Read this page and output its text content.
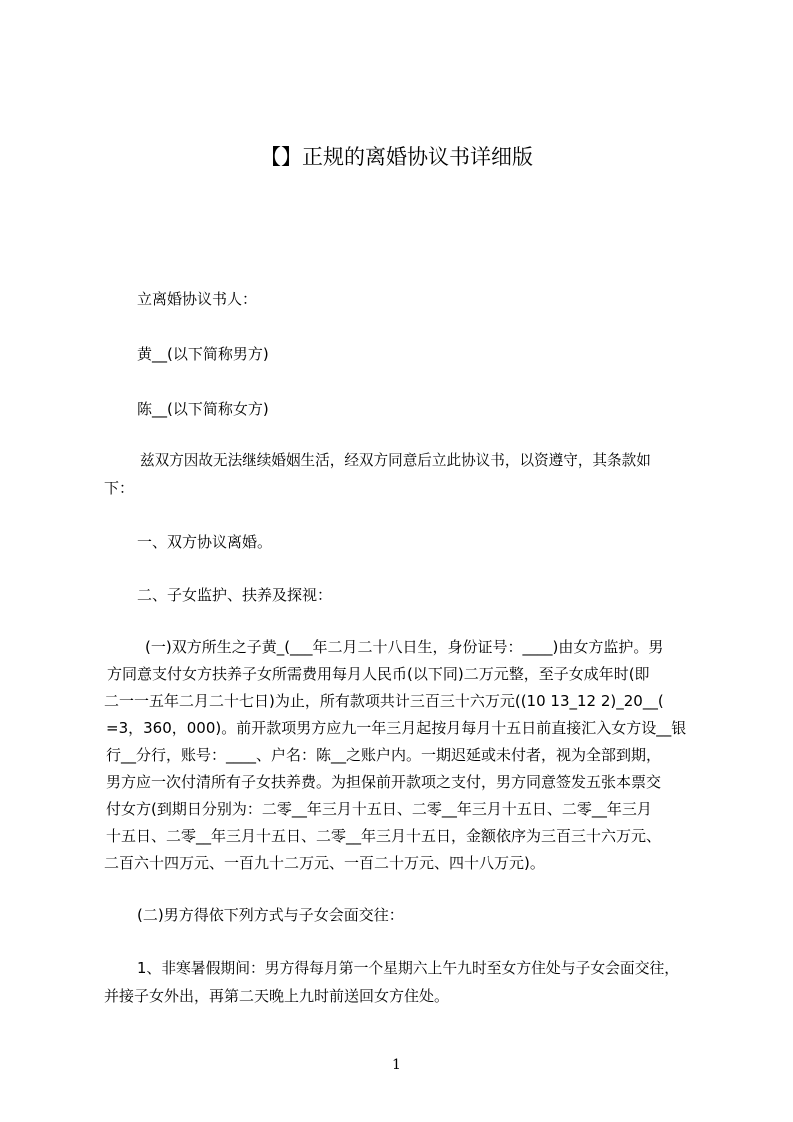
【】正规的离婚协议书详细版
立离婚协议书人：
黄__(以下简称男方)
陈__(以下简称女方)
兹双方因故无法继续婚姻生活，经双方同意后立此协议书，以资遵守，其条款如
下：
一、双方协议离婚。
二、子女监护、扶养及探视：
(一)双方所生之子黄_(___年二月二十八日生，身份证号：____)由女方监护。男
方同意支付女方扶养子女所需费用每月人民币(以下同)二万元整，至子女成年时(即
二一一五年二月二十七日)为止，所有款项共计三百三十六万元((10 13_12 2)_20__(
=3，360，000)。前开款项男方应九一年三月起按月每月十五日前直接汇入女方设__银
行__分行，账号：____、户名：陈__之账户内。一期迟延或未付者，视为全部到期，
男方应一次付清所有子女扶养费。为担保前开款项之支付，男方同意签发五张本票交
付女方(到期日分别为：二零__年三月十五日、二零__年三月十五日、二零__年三月
十五日、二零__年三月十五日、二零__年三月十五日，金额依序为三百三十六万元、
二百六十四万元、一百九十二万元、一百二十万元、四十八万元)。
(二)男方得依下列方式与子女会面交往：
1、非寒暑假期间：男方得每月第一个星期六上午九时至女方住处与子女会面交往，
并接子女外出，再第二天晚上九时前送回女方住处。
1
